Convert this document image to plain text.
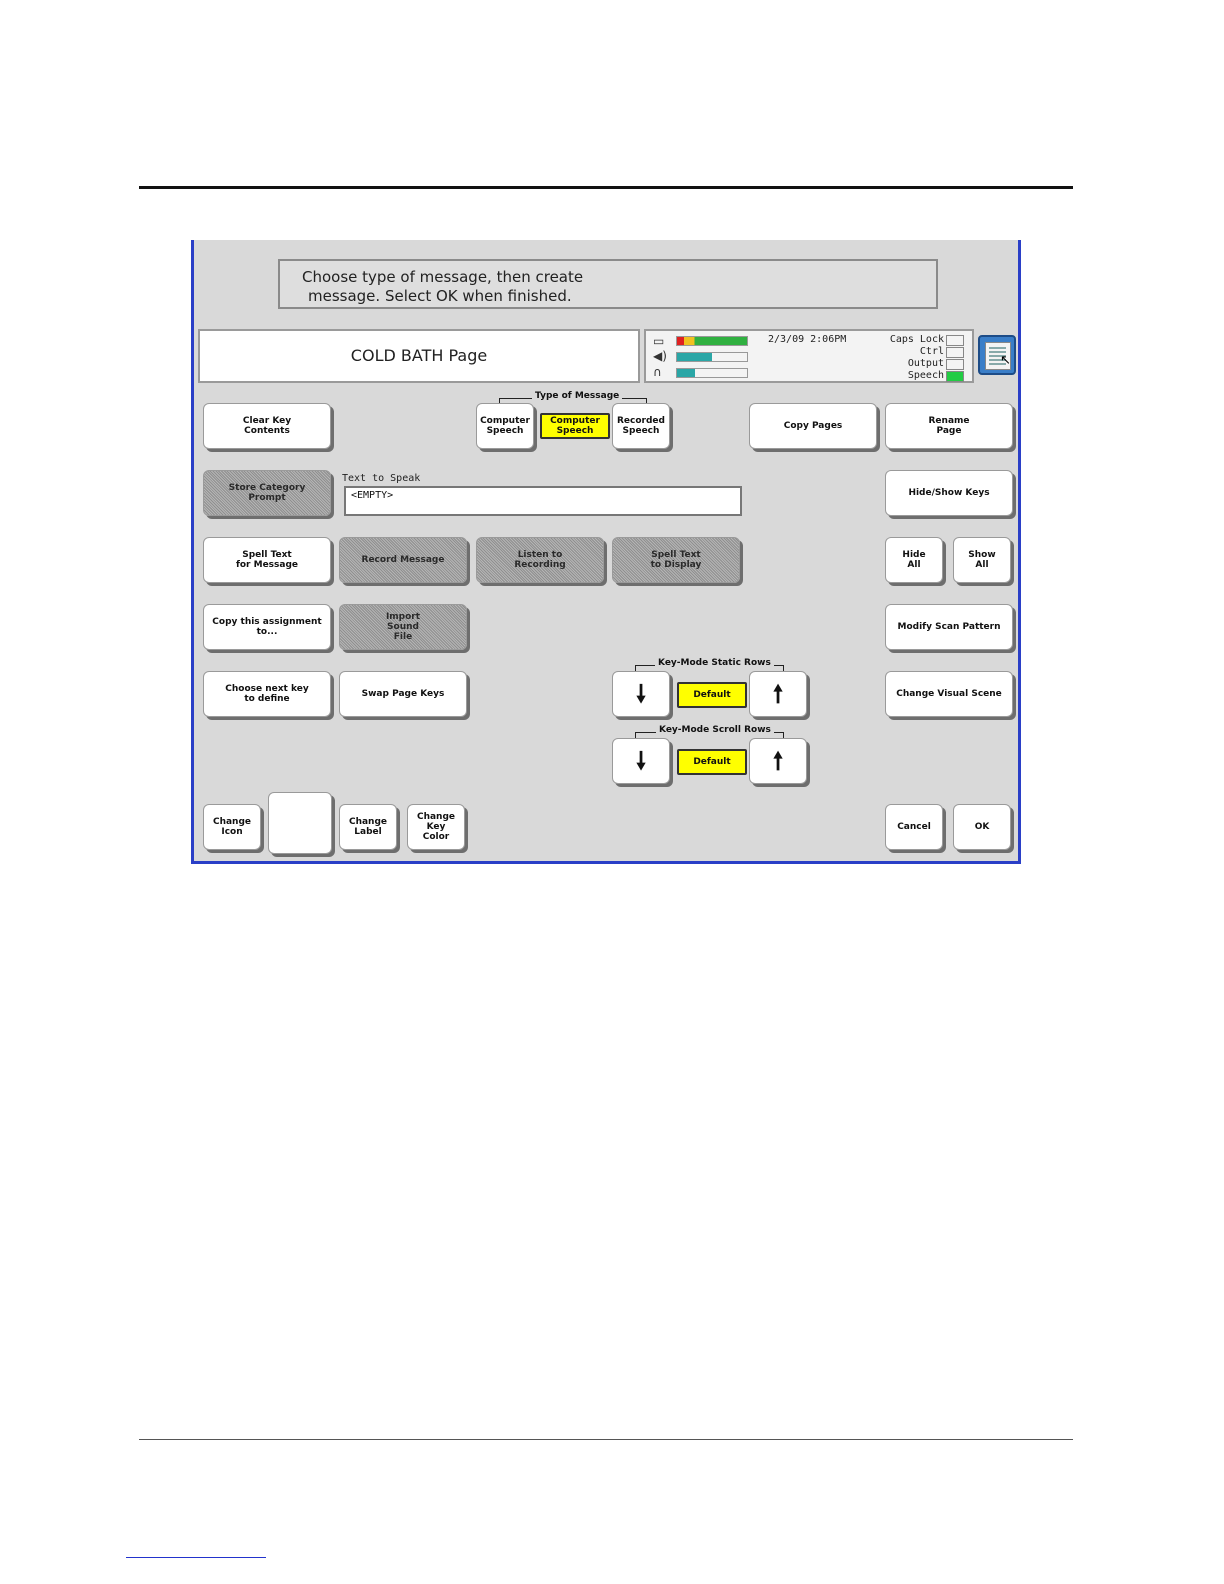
Choose type of message, then create
message. Select OK when finished.
COLD BATH Page
▭
◀)
∩
2/3/09 2:06PM	Caps Lock
Ctrl
Output
Speech
↖
Clear Key
Contents
Type of Message
Computer
Speech
Computer
Speech
Recorded
Speech	Copy Pages	Rename
Page
Store Category
Prompt
Text to Speak
<EMPTY>	Hide/Show Keys
Spell Text
for Message	Record Message	Listen to
Recording
Spell Text
to Display
Hide
All
Show
All
Copy this assignment
to...
Import
Sound
File
Modify Scan Pattern
Choose next key
to define	Swap Page Keys
Key-Mode Static Rows
🠗	Default	🠕	Change Visual Scene
Key-Mode Scroll Rows
🠗	Default	🠕
Change
Icon
Change
Label
Change
Key
Color
Cancel	OK
